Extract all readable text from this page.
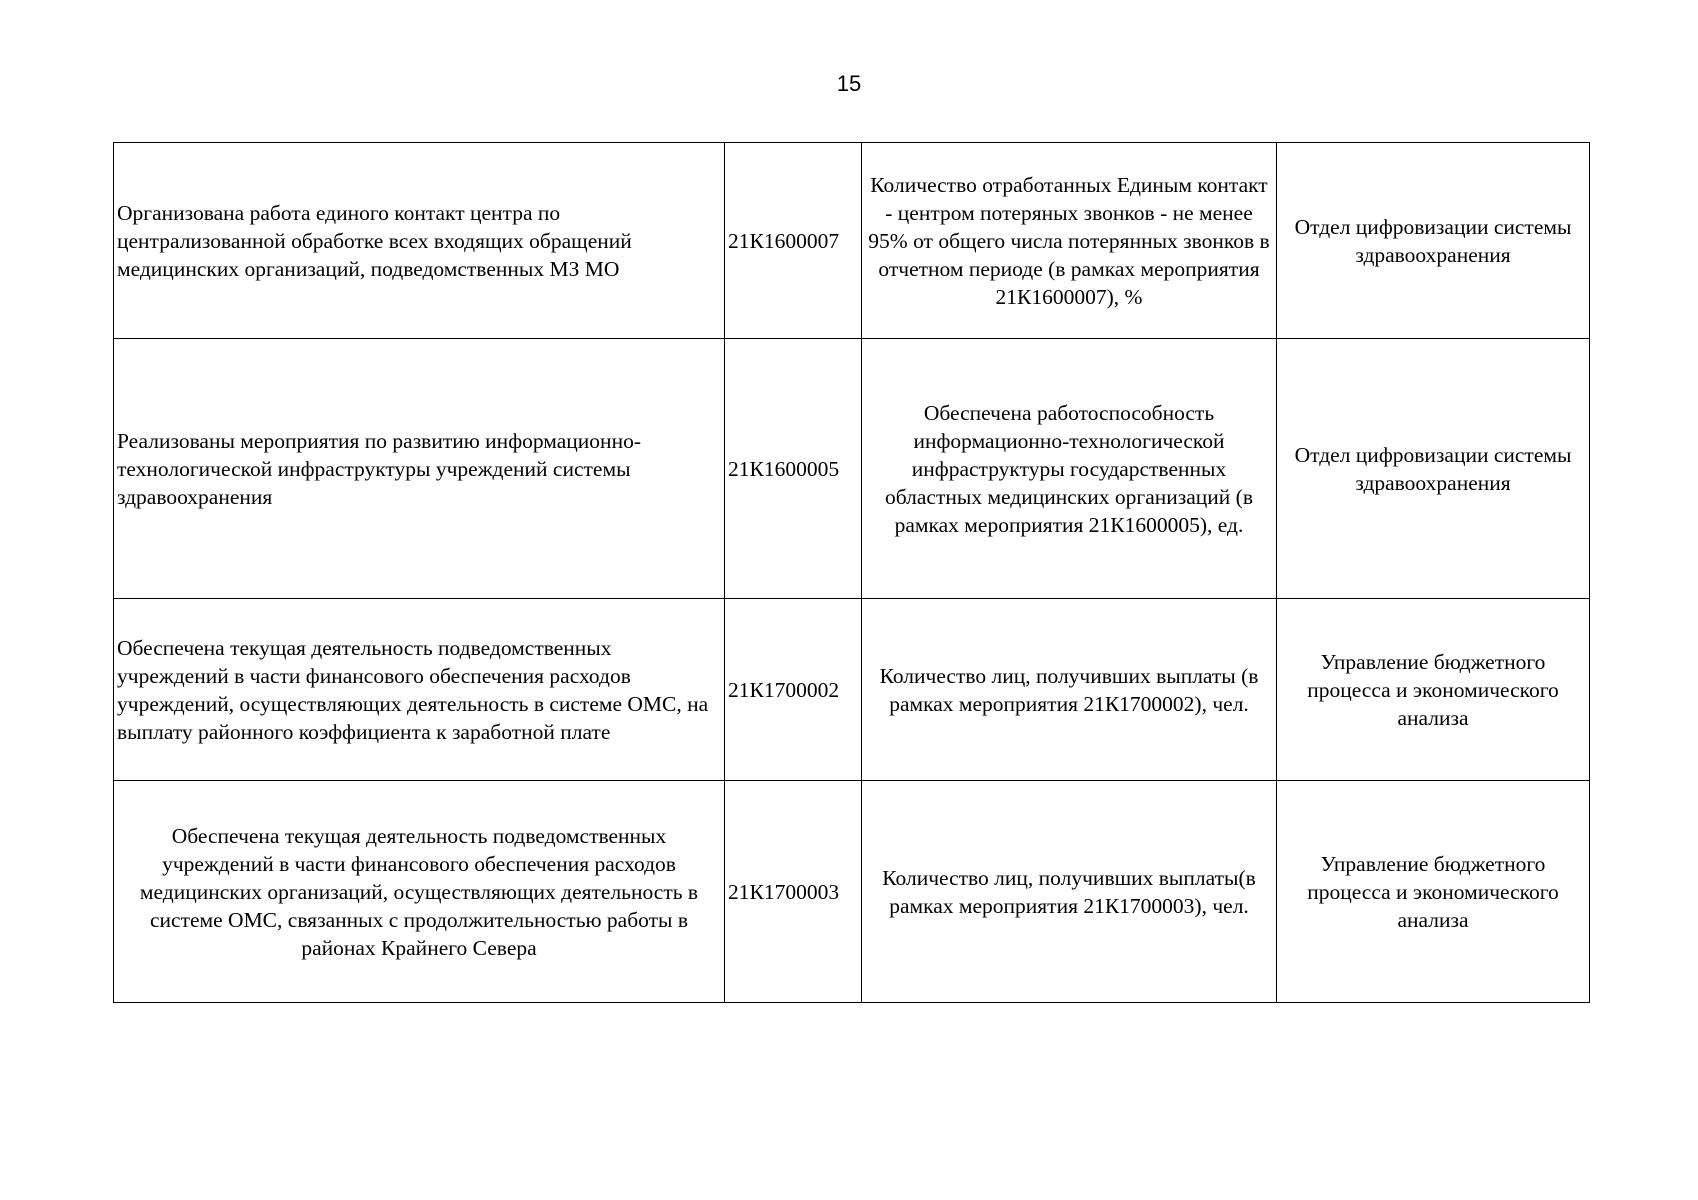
15
Организована работа единого контакт центра по централизованной обработке всех входящих обращений медицинских организаций, подведомственных МЗ МО	21К1600007	Количество отработанных Единым контакт - центром потеряных звонков - не менее 95% от общего числа потерянных звонков в отчетном периоде (в рамках мероприятия 21К1600007), %	Отдел цифровизации системы здравоохранения
Реализованы мероприятия по развитию информационно-технологической инфраструктуры учреждений системы здравоохранения	21К1600005	Обеспечена работоспособность информационно-технологической инфраструктуры государственных областных медицинских организаций (в рамках мероприятия 21К1600005), ед.	Отдел цифровизации системы здравоохранения
Обеспечена текущая деятельность подведомственных учреждений в части финансового обеспечения расходов учреждений, осуществляющих деятельность в системе ОМС, на выплату районного коэффициента к заработной плате	21К1700002	Количество лиц, получивших выплаты (в рамках мероприятия 21К1700002), чел.	Управление бюджетного процесса и экономического анализа
Обеспечена текущая деятельность подведомственных учреждений в части финансового обеспечения расходов медицинских организаций, осуществляющих деятельность в системе ОМС, связанных с продолжительностью работы в районах Крайнего Севера	21К1700003	Количество лиц, получивших выплаты(в рамках мероприятия 21К1700003), чел.	Управление бюджетного процесса и экономического анализа
